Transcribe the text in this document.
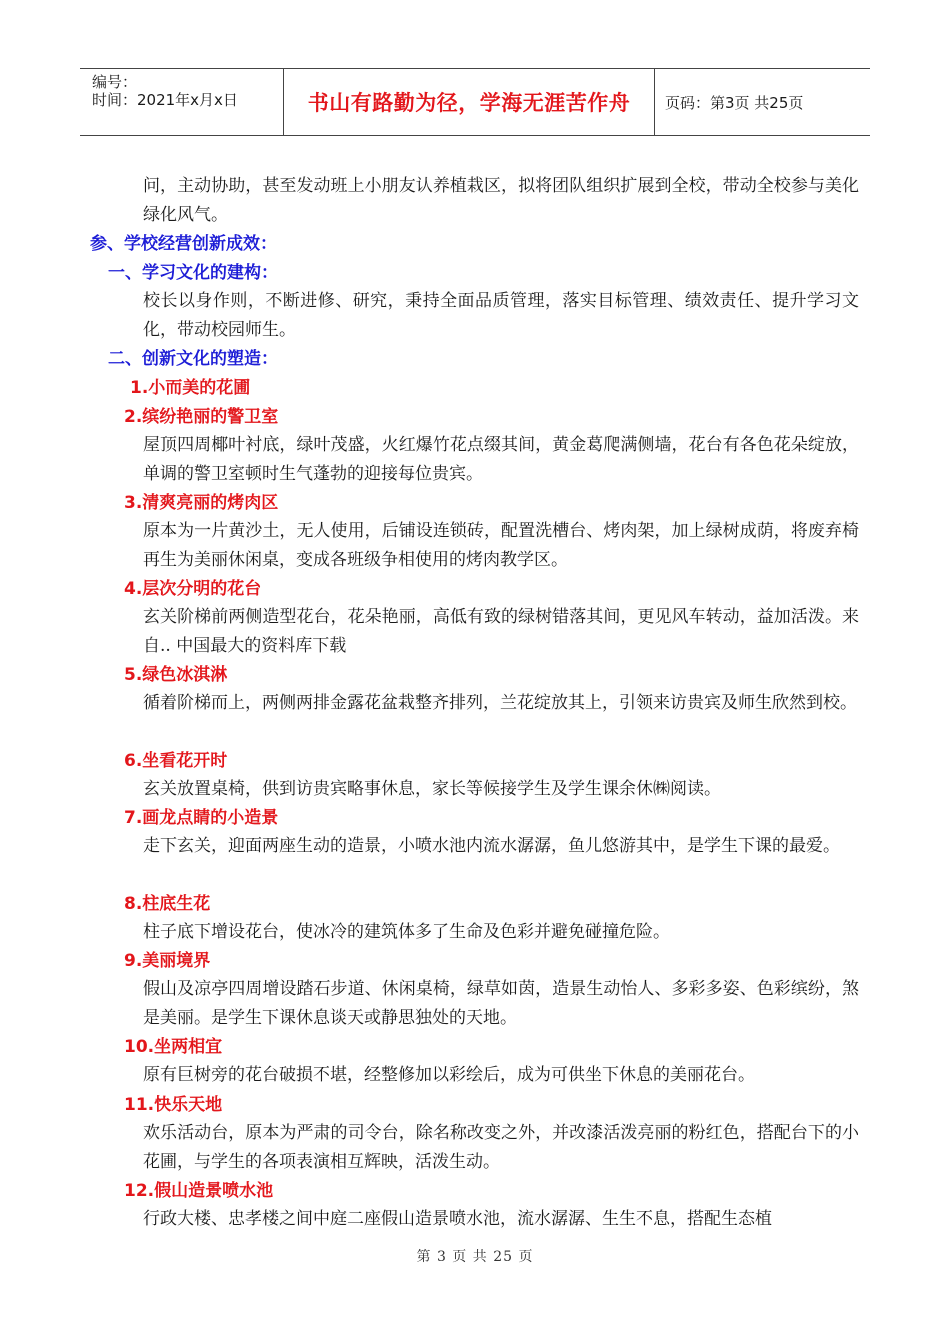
编号：
时间：2021年x月x日	书山有路勤为径，学海无涯苦作舟	页码：第3页 共25页

问，主动协助，甚至发动班上小朋友认养植栽区，拟将团队组织扩展到全校，带动全校参与美化绿化风气。

参、学校经营创新成效：

一、学习文化的建构：

校长以身作则，不断进修、研究，秉持全面品质管理，落实目标管理、绩效责任、提升学习文化，带动校园师生。

二、创新文化的塑造：

1.小而美的花圃

2.缤纷艳丽的警卫室

屋顶四周椰叶衬底，绿叶茂盛，火红爆竹花点缀其间，黄金葛爬满侧墙，花台有各色花朵绽放，单调的警卫室顿时生气蓬勃的迎接每位贵宾。

3.清爽亮丽的烤肉区

原本为一片黄沙土，无人使用，后铺设连锁砖，配置洗槽台、烤肉架，加上绿树成荫，将废弃椅再生为美丽休闲桌，变成各班级争相使用的烤肉教学区。

4.层次分明的花台

玄关阶梯前两侧造型花台，花朵艳丽，高低有致的绿树错落其间，更见风车转动，益加活泼。来 自.. 中国最大的资料库下载

5.绿色冰淇淋

循着阶梯而上，两侧两排金露花盆栽整齐排列，兰花绽放其上，引领来访贵宾及师生欣然到校。

6.坐看花开时

玄关放置桌椅，供到访贵宾略事休息，家长等候接学生及学生课余休㈱阅读。

7.画龙点睛的小造景

走下玄关，迎面两座生动的造景，小喷水池内流水潺潺，鱼儿悠游其中，是学生下课的最爱。

8.柱底生花

柱子底下增设花台，使冰冷的建筑体多了生命及色彩并避免碰撞危险。

9.美丽境界

假山及凉亭四周增设踏石步道、休闲桌椅，绿草如茵，造景生动怡人、多彩多姿、色彩缤纷，煞是美丽。是学生下课休息谈天或静思独处的天地。

10.坐两相宜

原有巨树旁的花台破损不堪，经整修加以彩绘后，成为可供坐下休息的美丽花台。

11.快乐天地

欢乐活动台，原本为严肃的司令台，除名称改变之外，并改漆活泼亮丽的粉红色，搭配台下的小花圃，与学生的各项表演相互辉映，活泼生动。

12.假山造景喷水池

行政大楼、忠孝楼之间中庭二座假山造景喷水池，流水潺潺、生生不息，搭配生态植

第 3 页 共 25 页
